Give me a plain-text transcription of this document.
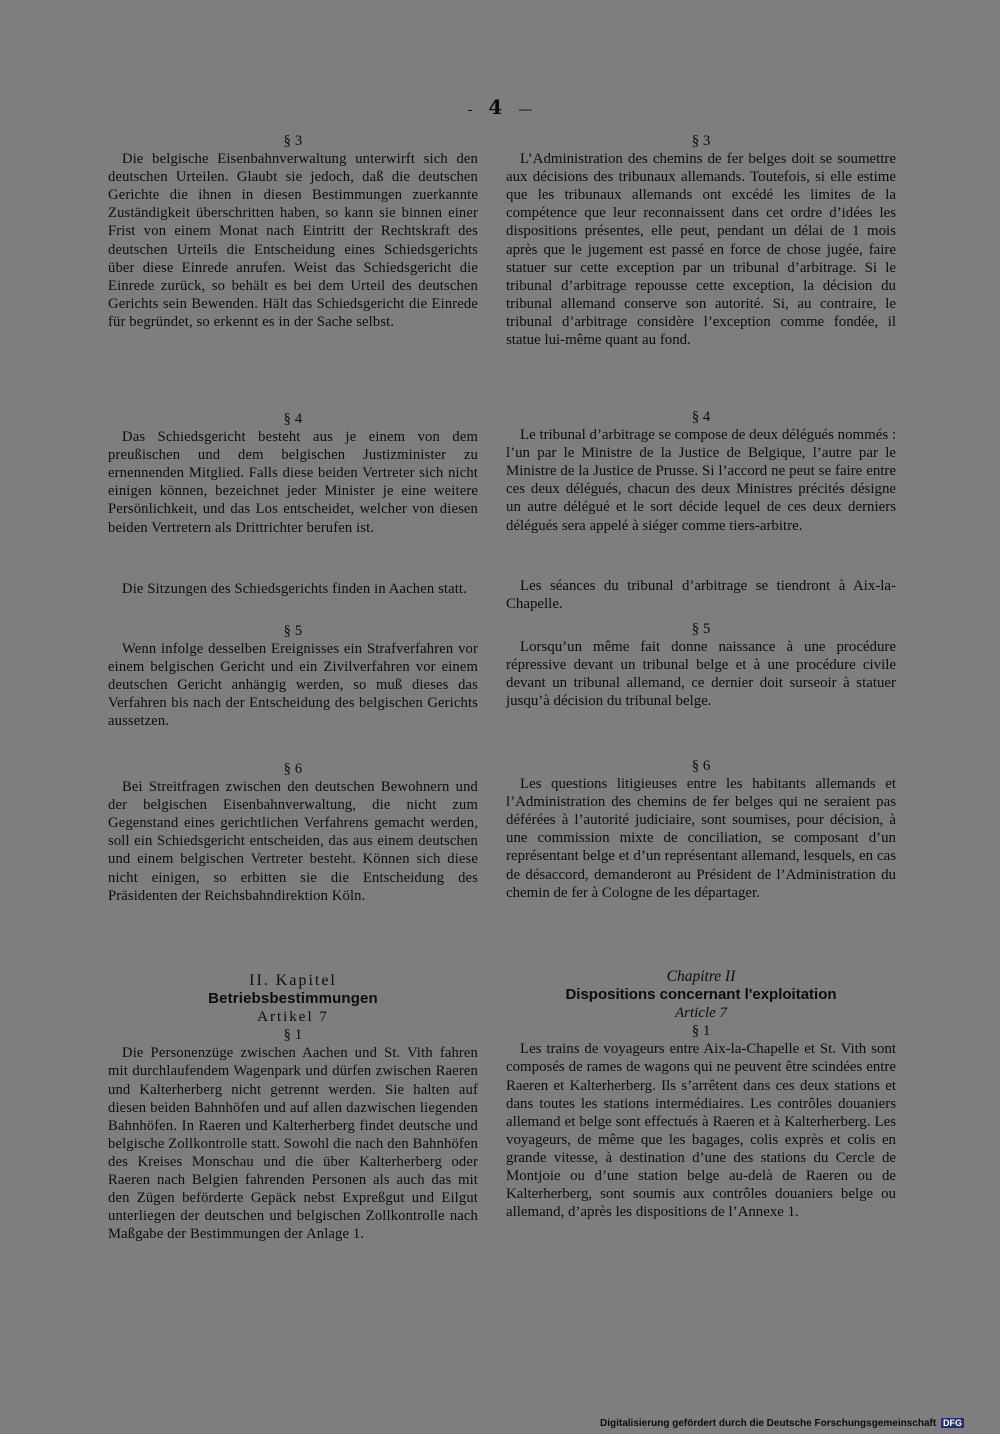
- 4 —
§ 3

Die belgische Eisenbahnverwaltung unterwirft sich den deutschen Urteilen. Glaubt sie jedoch, daß die deutschen Gerichte die ihnen in diesen Bestimmungen zuerkannte Zuständigkeit überschritten haben, so kann sie binnen einer Frist von einem Monat nach Eintritt der Rechtskraft des deutschen Urteils die Entscheidung eines Schiedsgerichts über diese Einrede anrufen. Weist das Schiedsgericht die Einrede zurück, so behält es bei dem Urteil des deutschen Gerichts sein Bewenden. Hält das Schiedsgericht die Einrede für begründet, so erkennt es in der Sache selbst.

§ 4

Das Schiedsgericht besteht aus je einem von dem preußischen und dem belgischen Justizminister zu ernennenden Mitglied. Falls diese beiden Vertreter sich nicht einigen können, bezeichnet jeder Minister je eine weitere Persönlichkeit, und das Los entscheidet, welcher von diesen beiden Vertretern als Drittrichter berufen ist.

Die Sitzungen des Schiedsgerichts finden in Aachen statt.

§ 5

Wenn infolge desselben Ereignisses ein Strafverfahren vor einem belgischen Gericht und ein Zivilverfahren vor einem deutschen Gericht anhängig werden, so muß dieses das Verfahren bis nach der Entscheidung des belgischen Gerichts aussetzen.

§ 6

Bei Streitfragen zwischen den deutschen Bewohnern und der belgischen Eisenbahnverwaltung, die nicht zum Gegenstand eines gerichtlichen Verfahrens gemacht werden, soll ein Schiedsgericht entscheiden, das aus einem deutschen und einem belgischen Vertreter besteht. Können sich diese nicht einigen, so erbitten sie die Entscheidung des Präsidenten der Reichsbahndirektion Köln.

II. Kapitel
Betriebsbestimmungen
Artikel 7
§ 1

Die Personenzüge zwischen Aachen und St. Vith fahren mit durchlaufendem Wagenpark und dürfen zwischen Raeren und Kalterherberg nicht getrennt werden. Sie halten auf diesen beiden Bahnhöfen und auf allen dazwischen liegenden Bahnhöfen. In Raeren und Kalterherberg findet deutsche und belgische Zollkontrolle statt. Sowohl die nach den Bahnhöfen des Kreises Monschau und die über Kalterherberg oder Raeren nach Belgien fahrenden Personen als auch das mit den Zügen beförderte Gepäck nebst Expreßgut und Eilgut unterliegen der deutschen und belgischen Zollkontrolle nach Maßgabe der Bestimmungen der Anlage 1.

§ 3

L’Administration des chemins de fer belges doit se soumettre aux décisions des tribunaux allemands. Toutefois, si elle estime que les tribunaux allemands ont excédé les limites de la compétence que leur reconnaissent dans cet ordre d’idées les dispositions présentes, elle peut, pendant un délai de 1 mois après que le jugement est passé en force de chose jugée, faire statuer sur cette exception par un tribunal d’arbitrage. Si le tribunal d’arbitrage repousse cette exception, la décision du tribunal allemand conserve son autorité. Si, au contraire, le tribunal d’arbitrage considère l’exception comme fondée, il statue lui-même quant au fond.

§ 4

Le tribunal d’arbitrage se compose de deux délégués nommés : l’un par le Ministre de la Justice de Belgique, l’autre par le Ministre de la Justice de Prusse. Si l’accord ne peut se faire entre ces deux délégués, chacun des deux Ministres précités désigne un autre délégué et le sort décide lequel de ces deux derniers délégués sera appelé à siéger comme tiers-arbitre.

Les séances du tribunal d’arbitrage se tiendront à Aix-la-Chapelle.

§ 5

Lorsqu’un même fait donne naissance à une procédure répressive devant un tribunal belge et à une procédure civile devant un tribunal allemand, ce dernier doit surseoir à statuer jusqu’à décision du tribunal belge.

§ 6

Les questions litigieuses entre les habitants allemands et l’Administration des chemins de fer belges qui ne seraient pas déférées à l’autorité judiciaire, sont soumises, pour décision, à une commission mixte de conciliation, se composant d’un représentant belge et d’un représentant allemand, lesquels, en cas de désaccord, demanderont au Président de l’Administration du chemin de fer à Cologne de les départager.

Chapitre II
Dispositions concernant l'exploitation
Article 7
§ 1

Les trains de voyageurs entre Aix-la-Chapelle et St. Vith sont composés de rames de wagons qui ne peuvent être scindées entre Raeren et Kalterherberg. Ils s’arrêtent dans ces deux stations et dans toutes les stations intermédiaires. Les contrôles douaniers allemand et belge sont effectués à Raeren et à Kalterherberg. Les voyageurs, de même que les bagages, colis exprès et colis en grande vitesse, à destination d’une des stations du Cercle de Montjoie ou d’une station belge au-delà de Raeren ou de Kalterherberg, sont soumis aux contrôles douaniers belge ou allemand, d’après les dispositions de l’Annexe 1.

Digitalisierung gefördert durch die Deutsche Forschungsgemeinschaft DFG
